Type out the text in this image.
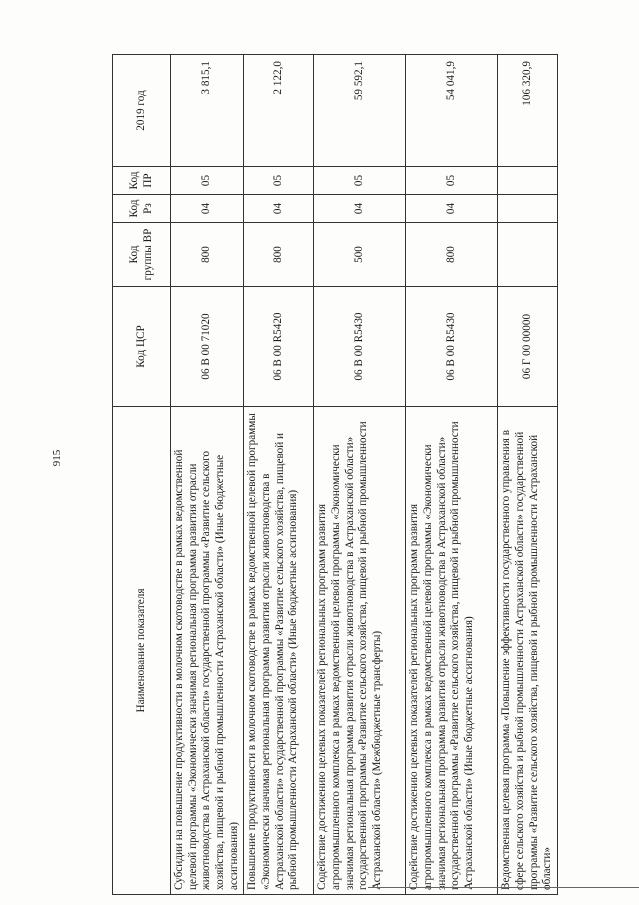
915
Наименование показателя	Код ЦСР	Код группы ВР	Код Рз	Код ПР	2019 год
Субсидии на повышение продуктивности в молочном скотоводстве в рамках ведомственной целевой программы «Экономически значимая региональная программа развития отрасли животноводства в Астраханской области» государственной программы «Развитие сельского хозяйства, пищевой и рыбной промышленности Астраханской области» (Иные бюджетные ассигнования)	06 В 00 71020	800	04	05	3 815,1
Повышение продуктивности в молочном скотоводстве в рамках ведомственной целевой программы «Экономически значимая региональная программа развития отрасли животноводства в Астраханской области» государственной программы «Развитие сельского хозяйства, пищевой и рыбной промышленности Астраханской области» (Иные бюджетные ассигнования)	06 В 00 R5420	800	04	05	2 122,0
Содействие достижению целевых показателей региональных программ развития агропромышленного комплекса в рамках ведомственной целевой программы «Экономически значимая региональная программа развития отрасли животноводства в Астраханской области» государственной программы «Развитие сельского хозяйства, пищевой и рыбной промышленности Астраханской области» (Межбюджетные трансферты)	06 В 00 R5430	500	04	05	59 592,1
Содействие достижению целевых показателей региональных программ развития агропромышленного комплекса в рамках ведомственной целевой программы «Экономически значимая региональная программа развития отрасли животноводства в Астраханской области» государственной программы «Развитие сельского хозяйства, пищевой и рыбной промышленности Астраханской области» (Иные бюджетные ассигнования)	06 В 00 R5430	800	04	05	54 041,9
Ведомственная целевая программа «Повышение эффективности государственного управления в сфере сельского хозяйства и рыбной промышленности Астраханской области» государственной программы «Развитие сельского хозяйства, пищевой и рыбной промышленности Астраханской области»	06 Г 00 00000				106 320,9
